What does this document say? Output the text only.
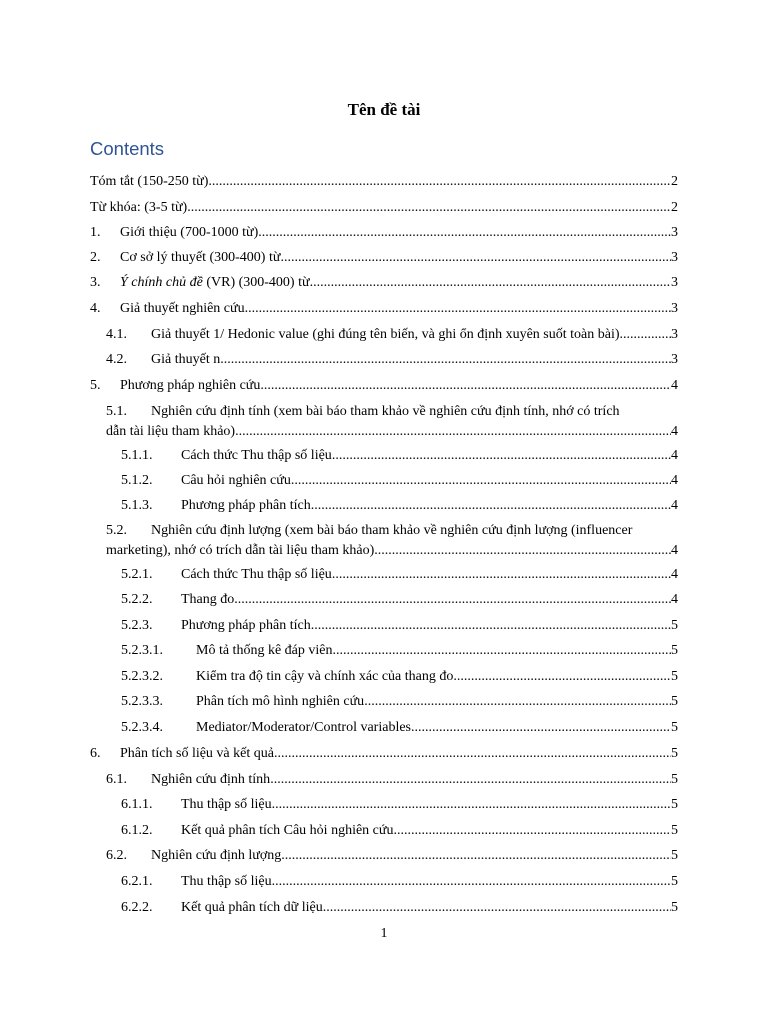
Tên đề tài
Contents
Tóm tắt (150-250 từ) .....	2
Từ khóa: (3-5 từ) .....	2
1.	Giới thiệu (700-1000 từ) .....	3
2.	Cơ sở lý thuyết (300-400) từ .....	3
3.	Ý chính chủ đề (VR) (300-400) từ .....	3
4.	Giả thuyết nghiên cứu .....	3
4.1.	Giả thuyết 1/ Hedonic value (ghi đúng tên biến, và ghi ổn định xuyên suốt toàn bài) .....	3
4.2.	Giả thuyết n .....	3
5.	Phương pháp nghiên cứu .....	4
5.1. Nghiên cứu định tính (xem bài báo tham khảo về nghiên cứu định tính, nhớ có trích
dẫn tài liệu tham khảo) .....	4
5.1.1.	Cách thức Thu thập số liệu .....	4
5.1.2.	Câu hỏi nghiên cứu .....	4
5.1.3.	Phương pháp phân tích .....	4
5.2. Nghiên cứu định lượng (xem bài báo tham khảo về nghiên cứu định lượng (influencer
marketing), nhớ có trích dẫn tài liệu tham khảo) .....	4
5.2.1.	Cách thức Thu thập số liệu .....	4
5.2.2.	Thang đo .....	4
5.2.3.	Phương pháp phân tích .....	5
5.2.3.1.	Mô tả thống kê đáp viên .....	5
5.2.3.2.	Kiểm tra độ tin cậy và chính xác của thang đo .....	5
5.2.3.3.	Phân tích mô hình nghiên cứu .....	5
5.2.3.4.	Mediator/Moderator/Control variables .....	5
6.	Phân tích số liệu và kết quả .....	5
6.1.	Nghiên cứu định tính .....	5
6.1.1.	Thu thập số liệu .....	5
6.1.2.	Kết quả phân tích Câu hỏi nghiên cứu .....	5
6.2.	Nghiên cứu định lượng .....	5
6.2.1.	Thu thập số liệu .....	5
6.2.2.	Kết quả phân tích dữ liệu .....	5
1
